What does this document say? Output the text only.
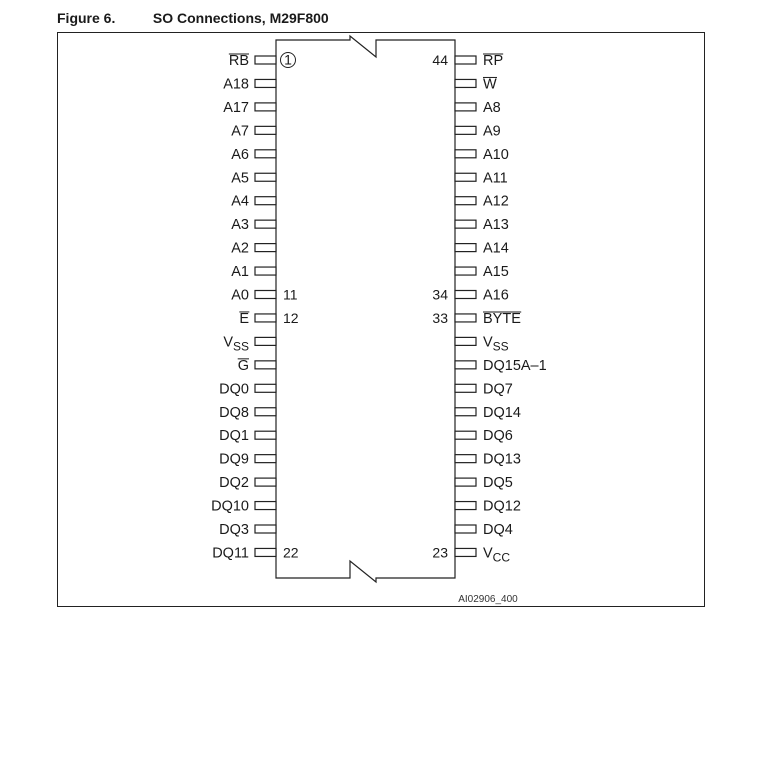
Figure 6.	SO Connections, M29F800
RB
A18
A17
A7
A6
A5
A4
A3
A2
A1
A0
E
$V_{SS}$
G
DQ0
DQ8
DQ1
DQ9
DQ2
DQ10
DQ3
DQ11
RP
W
A8
A9
A10
A11
A12
A13
A14
A15
A16
BYTE
$V_{SS}$
DQ15A–1
DQ7
DQ14
DQ6
DQ13
DQ5
DQ12
DQ4
$V_{CC}$
1
11
12
22
44
34
33
23
AI02906_400
